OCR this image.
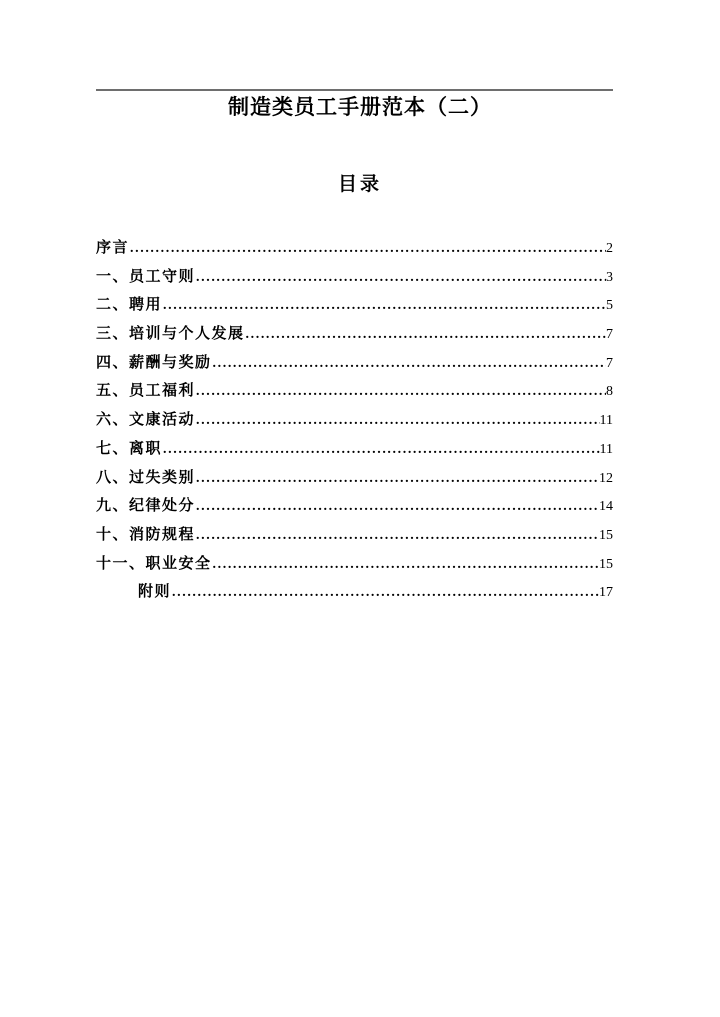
制造类员工手册范本（二）
目录
序言 .....	2
一、员工守则 .....	3
二、聘用 .....	5
三、培训与个人发展 .....	7
四、薪酬与奖励 .....	7
五、员工福利 .....	8
六、文康活动 .....	11
七、离职 .....	11
八、过失类别 .....	12
九、纪律处分 .....	14
十、消防规程 .....	15
十一、职业安全 .....	15
附则 .....	17
